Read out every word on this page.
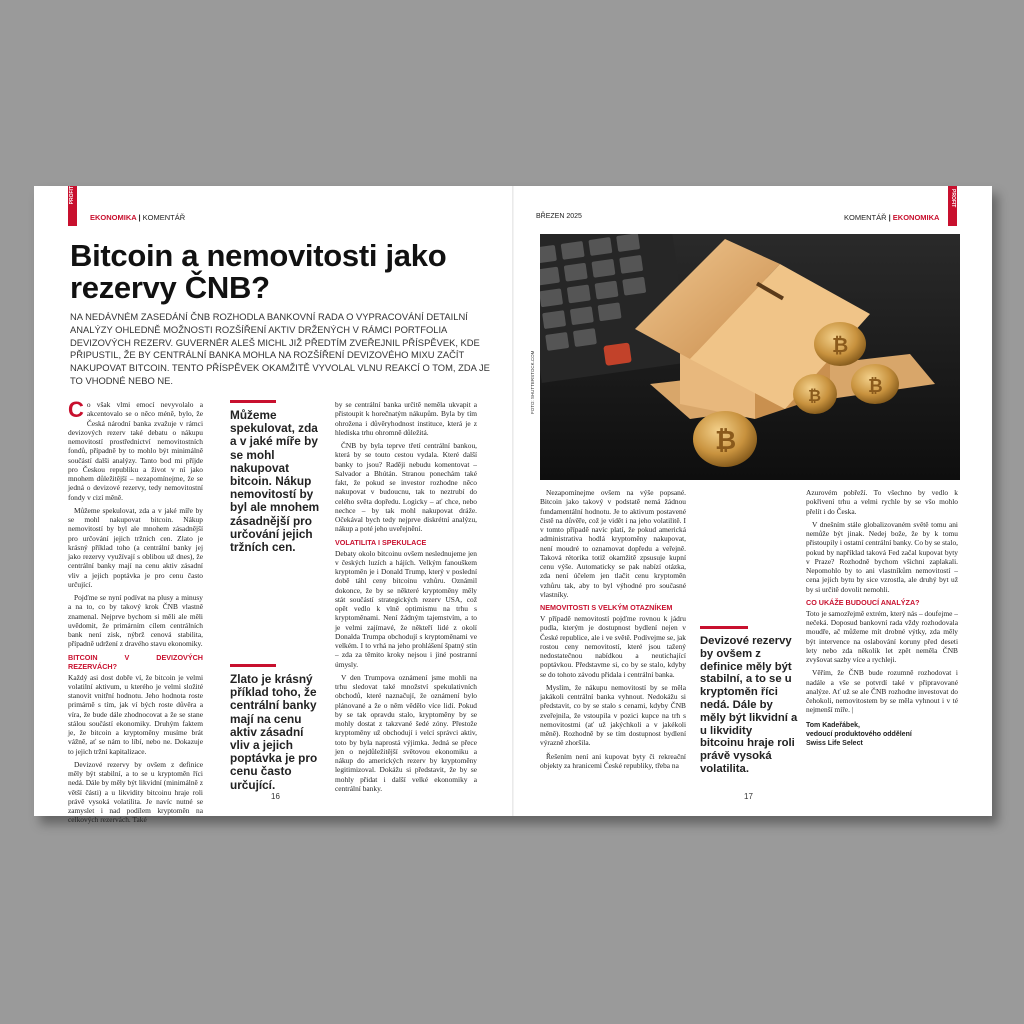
PROFIT
EKONOMIKA | KOMENTÁŘ
Bitcoin a nemovitosti jako rezervy ČNB?
NA NEDÁVNÉM ZASEDÁNÍ ČNB ROZHODLA BANKOVNÍ RADA O VYPRACOVÁNÍ DETAILNÍ ANALÝZY OHLEDNĚ MOŽNOSTI ROZŠÍŘENÍ AKTIV DRŽENÝCH V RÁMCI PORTFOLIA DEVIZOVÝCH REZERV. GUVERNÉR ALEŠ MICHL JIŽ PŘEDTÍM ZVEŘEJNIL PŘÍSPĚVEK, KDE PŘIPUSTIL, ŽE BY CENTRÁLNÍ BANKA MOHLA NA ROZŠÍŘENÍ DEVIZOVÉHO MIXU ZAČÍT NAKUPOVAT BITCOIN. TENTO PŘÍSPĚVEK OKAMŽITĚ VYVOLAL VLNU REAKCÍ O TOM, ZDA JE TO VHODNÉ NEBO NE.

Co však vlmi emocí nevyvolalo a akcentovalo se o něco méně, bylo, že Česká národní banka zvažuje v rámci devizových rezerv také debatu o nákupu nemovitostí prostřednictví nemovitostních fondů, případně by to mohlo být minimálně součástí dalši analýzy. Tanto bod mi příjde pro Českou republiku a život v ní jako mnohem důležitější – nezapomínejme, že se jedná o devizové rezervy, tedy nemovitostní fondy v cizí měně.

Můžeme spekulovat, zda a v jaké míře by se mohl nakupovat bitcoin. Nákup nemovitostí by byl ale mnohem zásadnější pro určování jejich tržních cen. Zlato je krásný příklad toho (a centrální banky jej jako rezervy využívají s oblibou už dnes), že centrální banky mají na cenu aktiv zásadní vliv a jejich poptávka je pro cenu často určující.

Pojďme se nyní podívat na plusy a minusy a na to, co by takový krok ČNB vlastně znamenal. Nejprve bychom si měli ale měli uvědomit, že primárním cílem centrálních bank není zisk, nýbrž cenová stabilita, případně udržení z dravého stavu ekonomiky.

BITCOIN V DEVIZOVÝCH REZERVÁCH?

Každý asi dost dobře ví, že bitcoin je velmi volatilní aktivum, u kterého je velmi složité stanovit vnitřní hodnotu. Jeho hodnota roste primárně s tím, jak ví bých roste důvěra a víra, že bude dále zhodnocovat a že se stane stálou součástí ekonomiky. Druhým faktem je, že bitcoin a kryptoměny musíme brát vážně, ať se nám to líbí, nebo ne. Dokazuje to jejich tržní kapitalizace.

Devizové rezervy by ovšem z definice měly být stabilní, a to se u kryptoměn říci nedá. Dále by měly být likvidní (minimálně z větší části) a u likvidity bitcoinu hraje roli právě vysoká volatilita. Je navíc nutné se zamyslet i nad podílem kryptoměn na celkových rezervách. Také

Můžeme spekulovat, zda a v jaké míře by se mohl nakupovat bitcoin. Nákup nemovitostí by byl ale mnohem zásadnější pro určování jejich tržních cen.
Zlato je krásný příklad toho, že centrální banky mají na cenu aktiv zásadní vliv a jejich poptávka je pro cenu často určující.

by se centrální banka určitě neměla ukvapit a přistoupit k horečnatým nákupům. Byla by tím ohrožena i důvěryhodnost instituce, která je z hlediska trhu ohromně důležitá.

ČNB by byla teprve třetí centrální bankou, která by se touto cestou vydala. Které další banky to jsou? Raději nebudu komentovat – Salvador a Bhútán. Stranou ponechám také fakt, že pokud se investor rozhodne něco nakupovat v budoucnu, tak to neztrubí do celého světa dopředu. Logicky – ať chce, nebo nechce – by tak mohl nakupovat dráže. Očekával bych tedy nejprve diskrétní analýzu, nákup a poté jeho uveřejnění.

VOLATILITA I SPEKULACE

Debaty okolo bitcoinu ovšem neslednujeme jen v českých luzích a hájích. Velkým fanouškem kryptoměn je i Donald Trump, který v poslední době táhl ceny bitcoinu vzhůru. Oznámil dokonce, že by se některé kryptoměny měly stát součástí strategických rezerv USA, což opět vedlo k vlně optimismu na trhu s kryptoměnami. Není žádným tajemstvím, a to je velmi zajímavé, že někteří lidé z okolí Donalda Trumpa obchodují s kryptoměnami ve velkém. I to vrhá na jeho prohlášení špatný stín – zda za těmito kroky nejsou i jiné postranní úmysly.

V den Trumpova oznámení jsme mohli na trhu sledovat také množství spekulativních obchodů, které naznačují, že oznámení bylo plánované a že o něm vědělo více lidí. Pokud by se tak opravdu stalo, kryptoměny by se mohly dostat z takzvané šedé zóny. Přestože kryptoměny už obchodují i velcí správci aktiv, toto by byla naprostá výjimka. Jedná se přece jen o nejdůležitější světovou ekonomiku a nákup do amerických rezerv by kryptoměny legitimizoval. Dokážu si představit, že by se mohly přidat i další velké ekonomiky a centrální banky.

16
BŘEZEN 2025	KOMENTÁŘ | EKONOMIKA
PROFIT
₿
₿
₿
₿
FOTO: SHUTTERSTOCK.COM

Nezapomínejme ovšem na výše popsané. Bitcoin jako takový v podstatě nemá žádnou fundamentální hodnotu. Je to aktivum postavené čistě na důvěře, což je vidět i na jeho volatilitě. I v tomto případě navíc platí, že pokud americká administrativa hodlá kryptoměny nakupovat, není moudré to oznamovat dopředu a veřejně. Taková rétorika totiž okamžitě zpsusuje kupní cenu výše. Automaticky se pak nabízí otázka, zda není účelem jen tlačit cenu kryptoměn vzhůru tak, aby to byl výhodné pro současné vlastníky.

NEMOVITOSTI S VELKÝM OTAZNÍKEM

V případě nemovitostí pojďme rovnou k jádru pudla, kterým je dostupnost bydlení nejen v České republice, ale i ve světě. Podívejme se, jak rostou ceny nemovitostí, které jsou tažený nedostatečnou nabídkou a neutichající poptávkou. Představme si, co by se stalo, kdyby se do tohoto závodu přidala i centrální banka.

Myslím, že nákupu nemovitostí by se měla jakákoli centrální banka vyhnout. Nedokážu si představit, co by se stalo s cenami, kdyby ČNB zveřejnila, že vstoupila v pozici kupce na trh s nemovitostmi (ať už jakýchkoli a v jakékoli měně). Rozhodně by se tím dostupnost bydlení výrazně zhoršila.

Řešením není ani kupovat byty či rekreační objekty za hranicemi České republiky, třeba na

Devizové rezervy by ovšem z definice měly být stabilní, a to se u kryptoměn říci nedá. Dále by měly být likvidní a u likvidity bitcoinu hraje roli právě vysoká volatilita.

Azurovém pobřeží. To všechno by vedlo k pokřivení trhu a velmi rychle by se všo mohlo přelít i do Česka.

V dnešním stále globalizovaném světě tomu ani nemůže být jinak. Nedej bože, že by k tomu přistoupily i ostatní centrální banky. Co by se stalo, pokud by například taková Fed začal kupovat byty v Praze? Rozhodně bychom všichni zaplakali. Nepomohlo by to ani vlastníkům nemovitostí – cena jejich bytu by sice vzrostla, ale druhý byt už by si určitě dovolit nemohli.

CO UKÁŽE BUDOUCÍ ANALÝZA?

Toto je samozřejmě extrém, který nás – doufejme – nečeká. Doposud bankovní rada vždy rozhodovala moudře, ač můžeme mít drobné výtky, zda měly být intervence na oslabování koruny před deseti lety nebo zda několik let zpět neměla ČNB zvyšovat sazby více a rychleji.

Věřím, že ČNB bude rozumně rozhodovat i nadále a vše se potvrdí také v připravované analýze. Ať už se ale ČNB rozhodne investovat do čehokoli, nemovitostem by se měla vyhnout i v té nejmenší míře. |

Tom Kadeřábek,
vedoucí produktového oddělení
Swiss Life Select
17
